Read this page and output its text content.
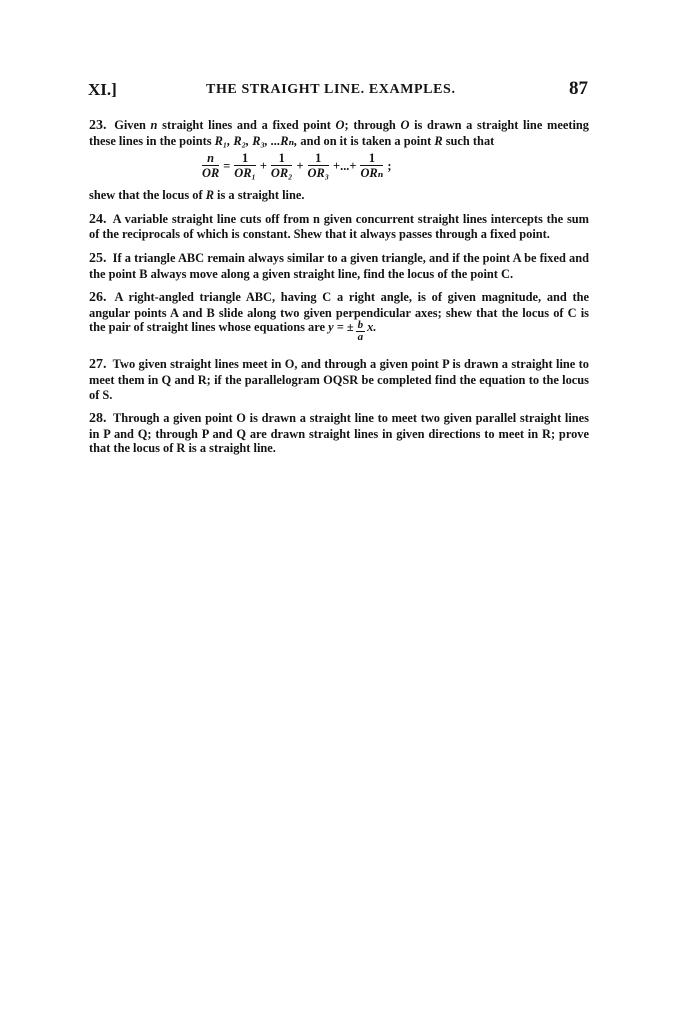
XI.]	THE STRAIGHT LINE. EXAMPLES.	87

23. Given n straight lines and a fixed point O; through O is drawn a straight line meeting these lines in the points R₁, R₂, R₃, ...Rₙ, and on it is taken a point R such that

$\frac{n}{OR} = \frac{1}{\text{OR₁}} + \frac{1}{\text{OR₂}} + \frac{1}{\text{OR₃}}$ +...+ $\frac{1}{\text{ORₙ}}$ ;

shew that the locus of R is a straight line.

24. A variable straight line cuts off from n given concurrent straight lines intercepts the sum of the reciprocals of which is constant. Shew that it always passes through a fixed point.

25. If a triangle ABC remain always similar to a given triangle, and if the point A be fixed and the point B always move along a given straight line, find the locus of the point C.

26. A right-angled triangle ABC, having C a right angle, is of given magnitude, and the angular points A and B slide along two given perpendicular axes; shew that the locus of C is the pair of straight lines whose equations are y = ± $\frac{b}{a} x$.

27. Two given straight lines meet in O, and through a given point P is drawn a straight line to meet them in Q and R; if the parallelogram OQSR be completed find the equation to the locus of S.

28. Through a given point O is drawn a straight line to meet two given parallel straight lines in P and Q; through P and Q are drawn straight lines in given directions to meet in R; prove that the locus of R is a straight line.
